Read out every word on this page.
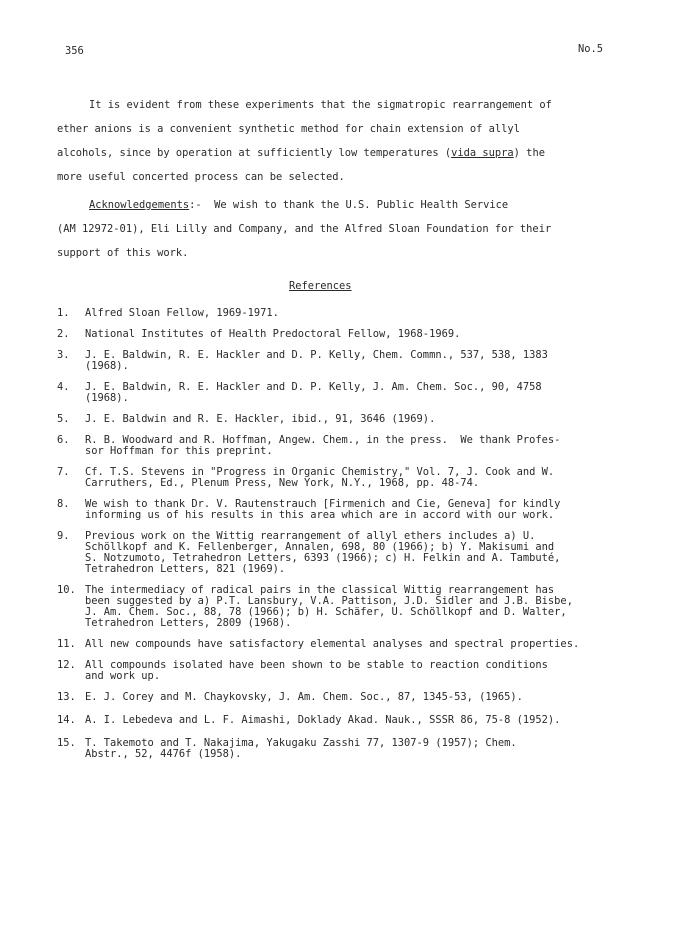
356	No.5
It is evident from these experiments that the sigmatropic rearrangement of
ether anions is a convenient synthetic method for chain extension of allyl
alcohols, since by operation at sufficiently low temperatures (vida supra) the
more useful concerted process can be selected.
Acknowledgements:-  We wish to thank the U.S. Public Health Service
(AM 12972-01), Eli Lilly and Company, and the Alfred Sloan Foundation for their
support of this work.
References
1.	Alfred Sloan Fellow, 1969-1971.
2.	National Institutes of Health Predoctoral Fellow, 1968-1969.
3.	J. E. Baldwin, R. E. Hackler and D. P. Kelly, Chem. Commn., 537, 538, 1383
(1968).
4.	J. E. Baldwin, R. E. Hackler and D. P. Kelly, J. Am. Chem. Soc., 90, 4758
(1968).
5.	J. E. Baldwin and R. E. Hackler, ibid., 91, 3646 (1969).
6.	R. B. Woodward and R. Hoffman, Angew. Chem., in the press.  We thank Profes-
sor Hoffman for this preprint.
7.	Cf. T.S. Stevens in "Progress in Organic Chemistry," Vol. 7, J. Cook and W.
Carruthers, Ed., Plenum Press, New York, N.Y., 1968, pp. 48-74.
8.	We wish to thank Dr. V. Rautenstrauch [Firmenich and Cie, Geneva] for kindly
informing us of his results in this area which are in accord with our work.
9.	Previous work on the Wittig rearrangement of allyl ethers includes a) U.
Schöllkopf and K. Fellenberger, Annalen, 698, 80 (1966); b) Y. Makisumi and
S. Notzumoto, Tetrahedron Letters, 6393 (1966); c) H. Felkin and A. Tambuté,
Tetrahedron Letters, 821 (1969).
10. The intermediacy of radical pairs in the classical Wittig rearrangement has
been suggested by a) P.T. Lansbury, V.A. Pattison, J.D. Sidler and J.B. Bisbe,
J. Am. Chem. Soc., 88, 78 (1966); b) H. Schäfer, U. Schöllkopf and D. Walter,
Tetrahedron Letters, 2809 (1968).
11. All new compounds have satisfactory elemental analyses and spectral properties.
12. All compounds isolated have been shown to be stable to reaction conditions
and work up.
13. E. J. Corey and M. Chaykovsky, J. Am. Chem. Soc., 87, 1345-53, (1965).
14. A. I. Lebedeva and L. F. Aimashi, Doklady Akad. Nauk., SSSR 86, 75-8 (1952).
15. T. Takemoto and T. Nakajima, Yakugaku Zasshi 77, 1307-9 (1957); Chem.
Abstr., 52, 4476f (1958).
